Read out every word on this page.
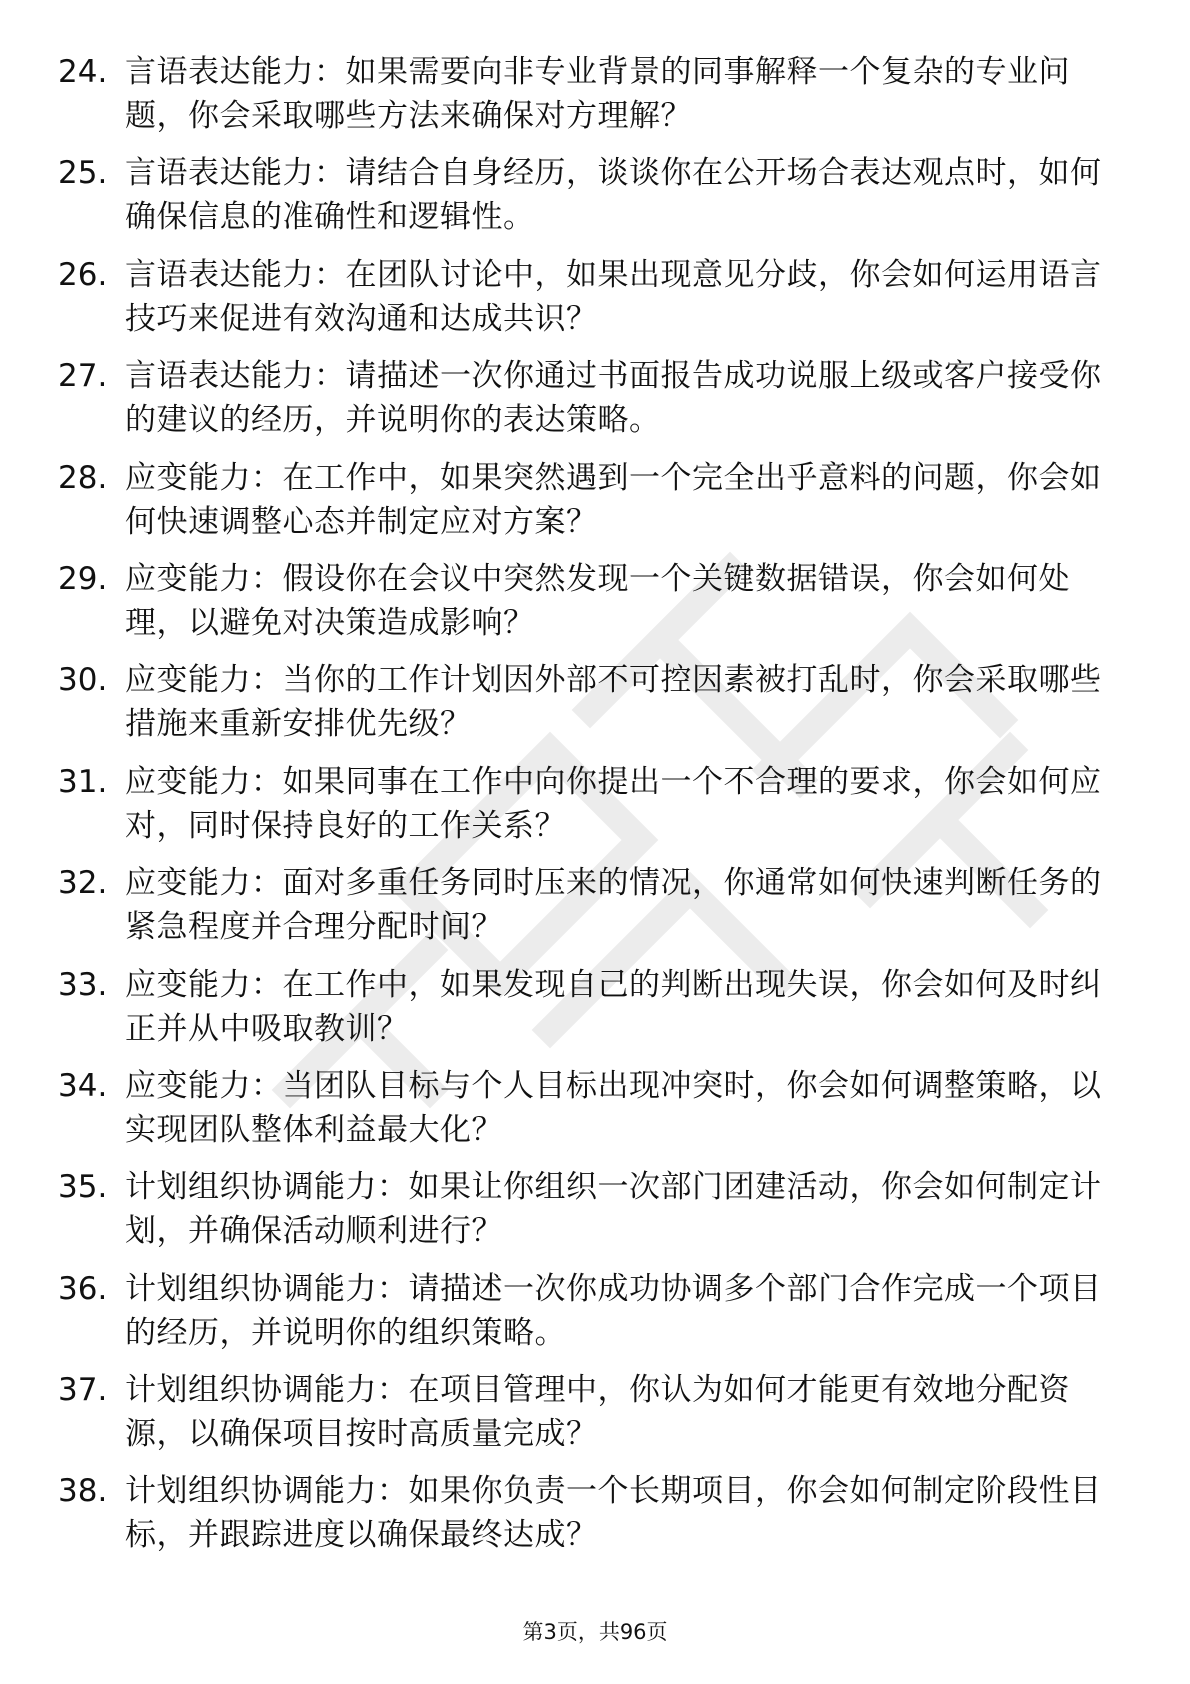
24. 言语表达能力：如果需要向非专业背景的同事解释一个复杂的专业问题，你会采取哪些方法来确保对方理解？
25. 言语表达能力：请结合自身经历，谈谈你在公开场合表达观点时，如何确保信息的准确性和逻辑性。
26. 言语表达能力：在团队讨论中，如果出现意见分歧，你会如何运用语言技巧来促进有效沟通和达成共识？
27. 言语表达能力：请描述一次你通过书面报告成功说服上级或客户接受你的建议的经历，并说明你的表达策略。
28. 应变能力：在工作中，如果突然遇到一个完全出乎意料的问题，你会如何快速调整心态并制定应对方案？
29. 应变能力：假设你在会议中突然发现一个关键数据错误，你会如何处理，以避免对决策造成影响？
30. 应变能力：当你的工作计划因外部不可控因素被打乱时，你会采取哪些措施来重新安排优先级？
31. 应变能力：如果同事在工作中向你提出一个不合理的要求，你会如何应对，同时保持良好的工作关系？
32. 应变能力：面对多重任务同时压来的情况，你通常如何快速判断任务的紧急程度并合理分配时间？
33. 应变能力：在工作中，如果发现自己的判断出现失误，你会如何及时纠正并从中吸取教训？
34. 应变能力：当团队目标与个人目标出现冲突时，你会如何调整策略，以实现团队整体利益最大化？
35. 计划组织协调能力：如果让你组织一次部门团建活动，你会如何制定计划，并确保活动顺利进行？
36. 计划组织协调能力：请描述一次你成功协调多个部门合作完成一个项目的经历，并说明你的组织策略。
37. 计划组织协调能力：在项目管理中，你认为如何才能更有效地分配资源，以确保项目按时高质量完成？
38. 计划组织协调能力：如果你负责一个长期项目，你会如何制定阶段性目标，并跟踪进度以确保最终达成？
第3页，共96页
